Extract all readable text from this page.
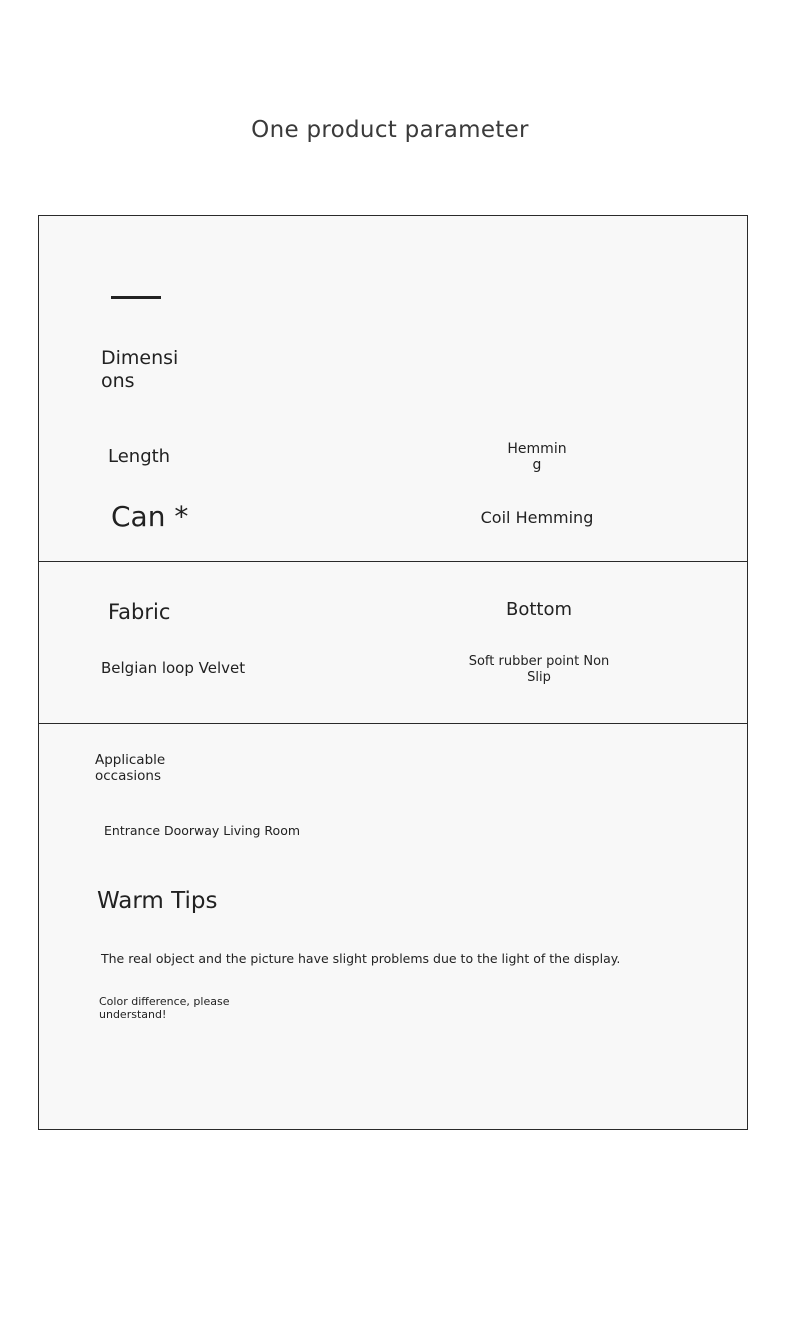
One product parameter
Dimensions
Length
Can *
Hemming
Coil Hemming
Fabric
Belgian loop Velvet
Bottom
Soft rubber point Non Slip
Applicable occasions
Entrance Doorway Living Room
Warm Tips
The real object and the picture have slight problems due to the light of the display.
Color difference, please understand!
